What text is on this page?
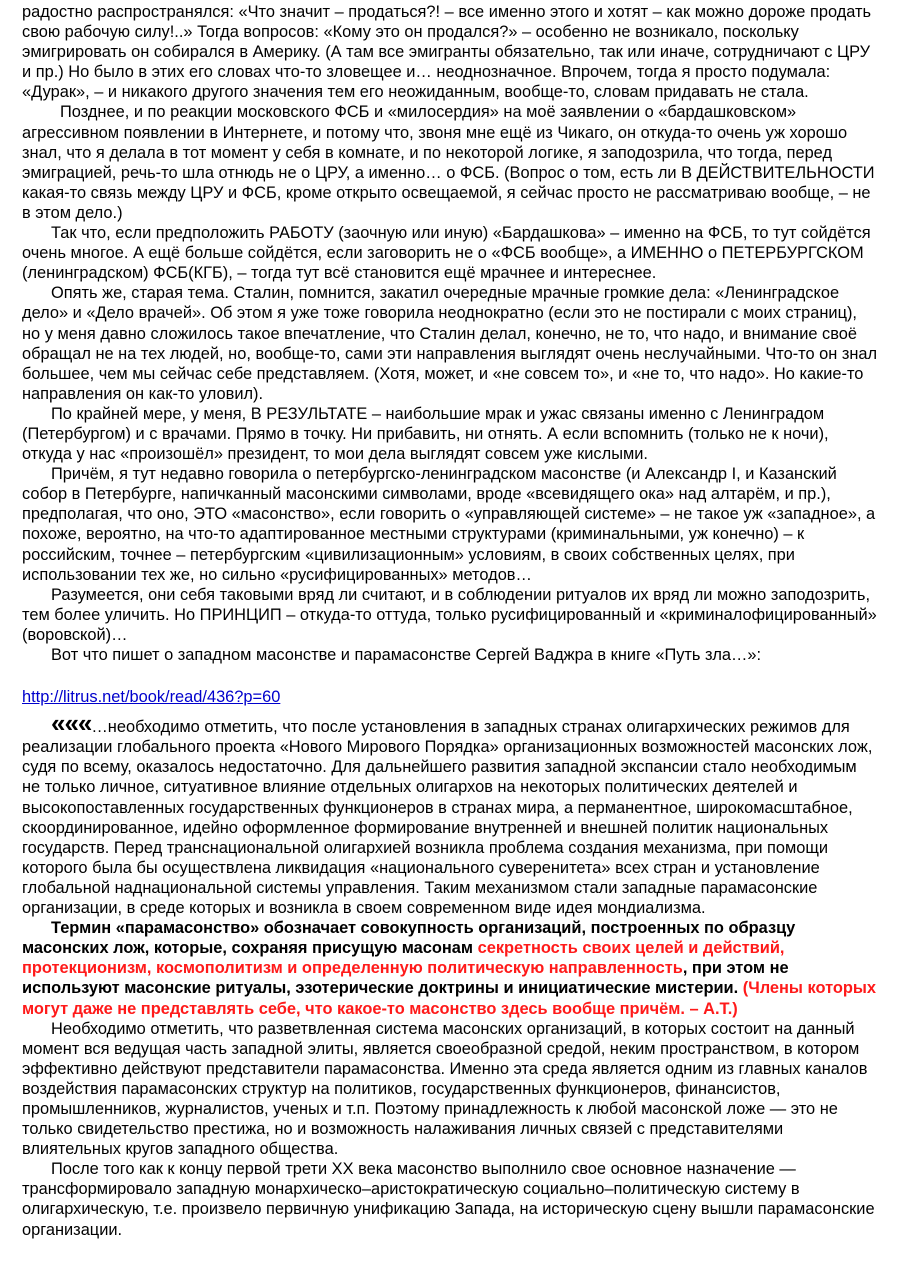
радостно распространялся: «Что значит – продаться?! – все именно этого и хотят – как можно дороже продать свою рабочую силу!..» Тогда вопросов: «Кому это он продался?» – особенно не возникало, поскольку эмигрировать он собирался в Америку. (А там все эмигранты обязательно, так или иначе, сотрудничают с ЦРУ и пр.) Но было в этих его словах что-то зловещее и… неоднозначное. Впрочем, тогда я просто подумала: «Дурак», – и никакого другого значения тем его неожиданным, вообще-то, словам придавать не стала.

Позднее, и по реакции московского ФСБ и «милосердия» на моё заявлении о «бардашковском» агрессивном появлении в Интернете, и потому что, звоня мне ещё из Чикаго, он откуда-то очень уж хорошо знал, что я делала в тот момент у себя в комнате, и по некоторой логике, я заподозрила, что тогда, перед эмиграцией, речь-то шла отнюдь не о ЦРУ, а именно… о ФСБ. (Вопрос о том, есть ли В ДЕЙСТВИТЕЛЬНОСТИ какая-то связь между ЦРУ и ФСБ, кроме открыто освещаемой, я сейчас просто не рассматриваю вообще, – не в этом дело.)

Так что, если предположить РАБОТУ (заочную или иную) «Бардашкова» – именно на ФСБ, то тут сойдётся очень многое. А ещё больше сойдётся, если заговорить не о «ФСБ вообще», а ИМЕННО о ПЕТЕРБУРГСКОМ (ленинградском) ФСБ(КГБ), – тогда тут всё становится ещё мрачнее и интереснее.

Опять же, старая тема. Сталин, помнится, закатил очередные мрачные громкие дела: «Ленинградское дело» и «Дело врачей». Об этом я уже тоже говорила неоднократно (если это не постирали с моих страниц), но у меня давно сложилось такое впечатление, что Сталин делал, конечно, не то, что надо, и внимание своё обращал не на тех людей, но, вообще-то, сами эти направления выглядят очень неслучайными. Что-то он знал большее, чем мы сейчас себе представляем. (Хотя, может, и «не совсем то», и «не то, что надо». Но какие-то направления он как-то уловил).

По крайней мере, у меня, В РЕЗУЛЬТАТЕ – наибольшие мрак и ужас связаны именно с Ленинградом (Петербургом) и с врачами. Прямо в точку. Ни прибавить, ни отнять. А если вспомнить (только не к ночи), откуда у нас «произошёл» президент, то мои дела выглядят совсем уже кислыми.

Причём, я тут недавно говорила о петербургско-ленинградском масонстве (и Александр I, и Казанский собор в Петербурге, напичканный масонскими символами, вроде «всевидящего ока» над алтарём, и пр.), предполагая, что оно, ЭТО «масонство», если говорить о «управляющей системе» – не такое уж «западное», а похоже, вероятно, на что-то адаптированное местными структурами (криминальными, уж конечно) – к российским, точнее – петербургским «цивилизационным» условиям, в своих собственных целях, при использовании тех же, но сильно «русифицированных» методов…

Разумеется, они себя таковыми вряд ли считают, и в соблюдении ритуалов их вряд ли можно заподозрить, тем более уличить. Но ПРИНЦИП – откуда-то оттуда, только русифицированный и «криминалофицированный» (воровской)…

Вот что пишет о западном масонстве и парамасонстве Сергей Ваджра в книге «Путь зла…»:

http://litrus.net/book/read/436?p=60

«««…необходимо отметить, что после установления в западных странах олигархических режимов для реализации глобального проекта «Нового Мирового Порядка» организационных возможностей масонских лож, судя по всему, оказалось недостаточно. Для дальнейшего развития западной экспансии стало необходимым не только личное, ситуативное влияние отдельных олигархов на некоторых политических деятелей и высокопоставленных государственных функционеров в странах мира, а перманентное, широкомасштабное, скоординированное, идейно оформленное формирование внутренней и внешней политик национальных государств. Перед транснациональной олигархией возникла проблема создания механизма, при помощи которого была бы осуществлена ликвидация «национального суверенитета» всех стран и установление глобальной наднациональной системы управления. Таким механизмом стали западные парамасонские организации, в среде которых и возникла в своем современном виде идея мондиализма.

Термин «парамасонство» обозначает совокупность организаций, построенных по образцу масонских лож, которые, сохраняя присущую масонам секретность своих целей и действий, протекционизм, космополитизм и определенную политическую направленность, при этом не используют масонские ритуалы, эзотерические доктрины и инициатические мистерии. (Члены которых могут даже не представлять себе, что какое-то масонство здесь вообще причём. – А.Т.)

Необходимо отметить, что разветвленная система масонских организаций, в которых состоит на данный момент вся ведущая часть западной элиты, является своеобразной средой, неким пространством, в котором эффективно действуют представители парамасонства. Именно эта среда является одним из главных каналов воздействия парамасонских структур на политиков, государственных функционеров, финансистов, промышленников, журналистов, ученых и т.п. Поэтому принадлежность к любой масонской ложе — это не только свидетельство престижа, но и возможность налаживания личных связей с представителями влиятельных кругов западного общества.

После того как к концу первой трети XX века масонство выполнило свое основное назначение — трансформировало западную монархическо–аристократическую социально–политическую систему в олигархическую, т.е. произвело первичную унификацию Запада, на историческую сцену вышли парамасонские организации.
